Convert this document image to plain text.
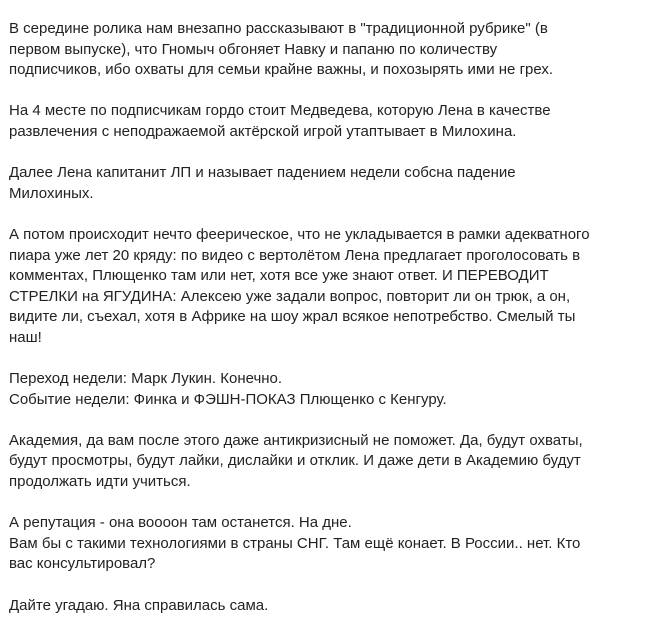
В середине ролика нам внезапно рассказывают в "традиционной рубрике" (в
первом выпуске), что Гномыч обгоняет Навку и папаню по количеству
подписчиков, ибо охваты для семьи крайне важны, и похозырять ими не грех.

На 4 месте по подписчикам гордо стоит Медведева, которую Лена в качестве
развлечения с неподражаемой актёрской игрой утаптывает в Милохина.

Далее Лена капитанит ЛП и называет падением недели собсна падение
Милохиных.

А потом происходит нечто феерическое, что не укладывается в рамки адекватного
пиара уже лет 20 кряду: по видео с вертолётом Лена предлагает проголосовать в
комментах, Плющенко там или нет, хотя все уже знают ответ. И ПЕРЕВОДИТ
СТРЕЛКИ на ЯГУДИНА: Алексею уже задали вопрос, повторит ли он трюк, а он,
видите ли, съехал, хотя в Африке на шоу жрал всякое непотребство. Смелый ты
наш!

Переход недели: Марк Лукин. Конечно.
Событие недели: Финка и ФЭШН-ПОКАЗ Плющенко с Кенгуру.

Академия, да вам после этого даже антикризисный не поможет. Да, будут охваты,
будут просмотры, будут лайки, дислайки и отклик. И даже дети в Академию будут
продолжать идти учиться.

А репутация - она воооон там останется. На дне.
Вам бы с такими технологиями в страны СНГ. Там ещё конает. В России.. нет. Кто
вас консультировал?

Дайте угадаю. Яна справилась сама.
